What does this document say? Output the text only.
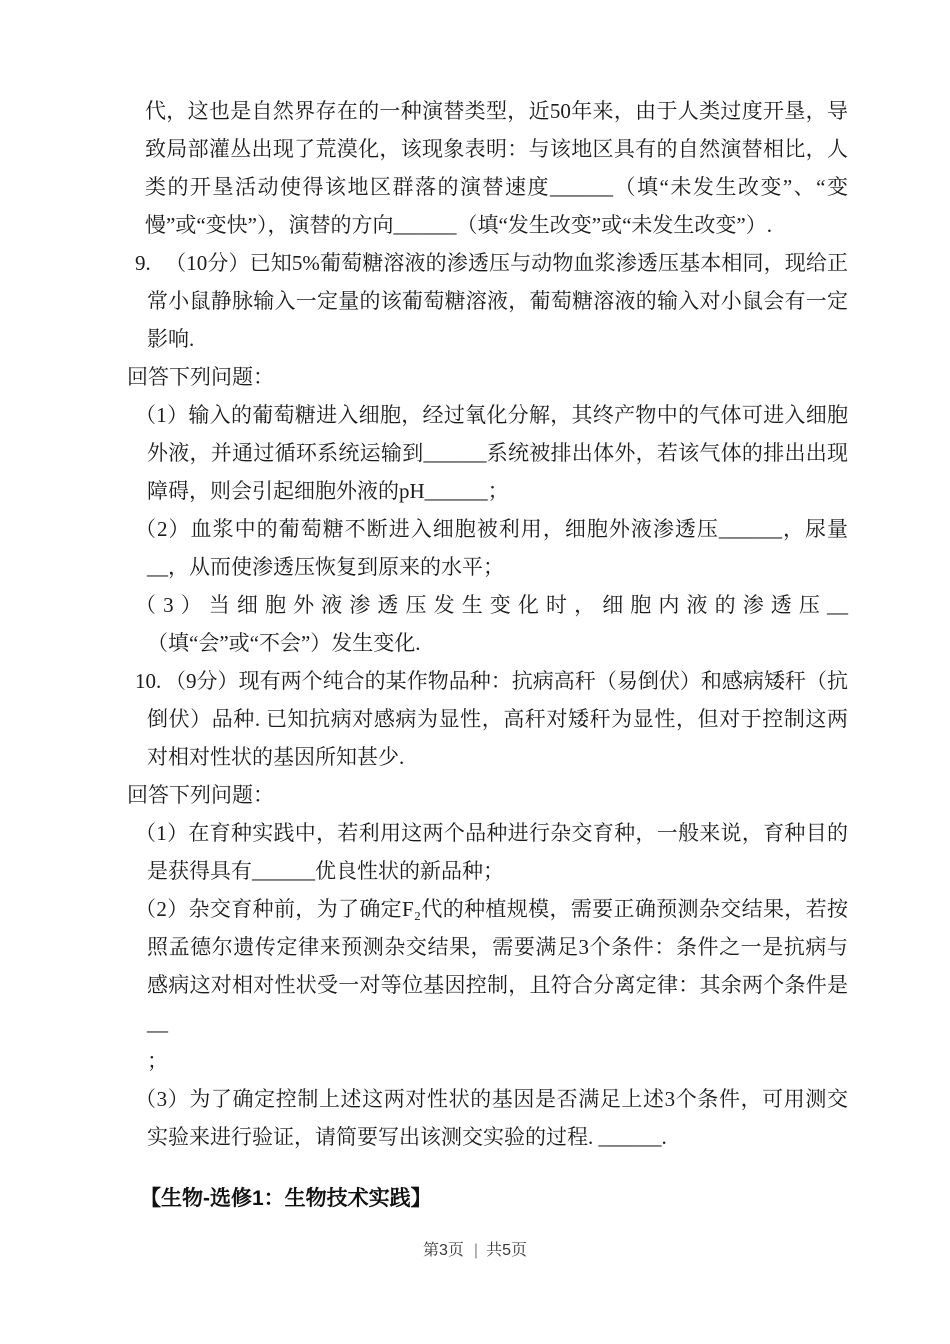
代，这也是自然界存在的一种演替类型，近50年来，由于人类过度开垦，导致局部灌丛出现了荒漠化，该现象表明：与该地区具有的自然演替相比，人类的开垦活动使得该地区群落的演替速度______（填“未发生改变”、“变慢”或“变快”），演替的方向______（填“发生改变”或“未发生改变”）.

9. （10分）已知5%葡萄糖溶液的渗透压与动物血浆渗透压基本相同，现给正常小鼠静脉输入一定量的该葡萄糖溶液，葡萄糖溶液的输入对小鼠会有一定影响.

回答下列问题：

（1）输入的葡萄糖进入细胞，经过氧化分解，其终产物中的气体可进入细胞外液，并通过循环系统运输到______系统被排出体外，若该气体的排出出现障碍，则会引起细胞外液的pH______；

（2）血浆中的葡萄糖不断进入细胞被利用，细胞外液渗透压______，尿量__，从而使渗透压恢复到原来的水平；

（3）当细胞外液渗透压发生变化时，细胞内液的渗透压__

（填“会”或“不会”）发生变化.

10. （9分）现有两个纯合的某作物品种：抗病高秆（易倒伏）和感病矮秆（抗倒伏）品种. 已知抗病对感病为显性，高秆对矮秆为显性，但对于控制这两对相对性状的基因所知甚少.

回答下列问题：

（1）在育种实践中，若利用这两个品种进行杂交育种，一般来说，育种目的是获得具有______优良性状的新品种；

（2）杂交育种前，为了确定F₂代的种植规模，需要正确预测杂交结果，若按照孟德尔遗传定律来预测杂交结果，需要满足3个条件：条件之一是抗病与感病这对相对性状受一对等位基因控制，且符合分离定律：其余两个条件是__

；

（3）为了确定控制上述这两对性状的基因是否满足上述3个条件，可用测交实验来进行验证，请简要写出该测交实验的过程. ______.

【生物-选修1：生物技术实践】
第3页 | 共5页
